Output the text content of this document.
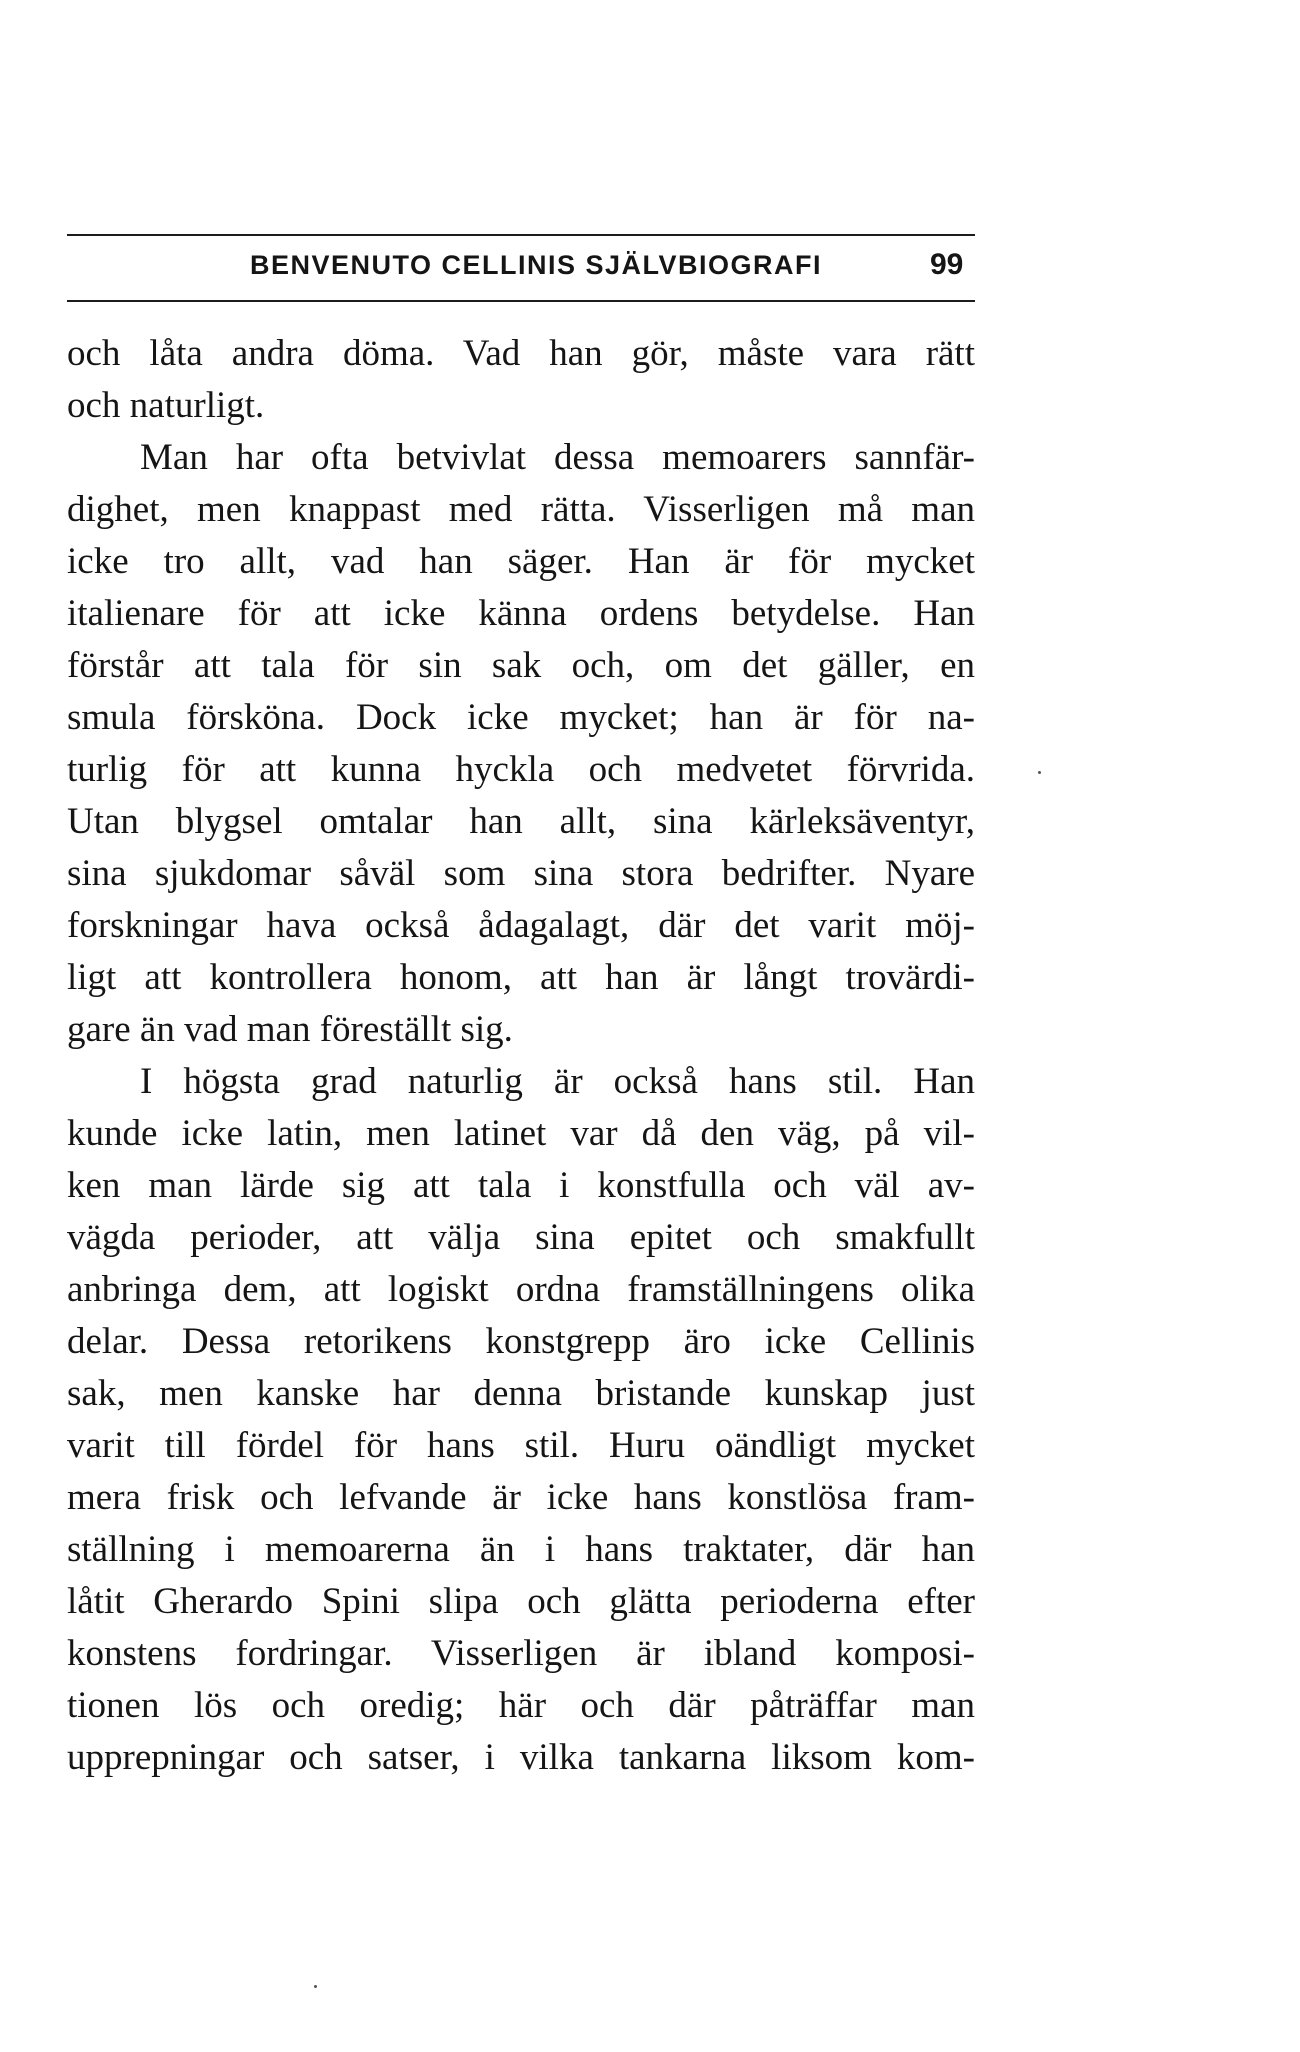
BENVENUTO CELLINIS SJÄLVBIOGRAFI	99
och låta andra döma. Vad han gör, måste vara rätt
och naturligt.
Man har ofta betvivlat dessa memoarers sannfär-
dighet, men knappast med rätta. Visserligen må man
icke tro allt, vad han säger. Han är för mycket
italienare för att icke känna ordens betydelse. Han
förstår att tala för sin sak och, om det gäller, en
smula försköna. Dock icke mycket; han är för na-
turlig för att kunna hyckla och medvetet förvrida.
Utan blygsel omtalar han allt, sina kärleksäventyr,
sina sjukdomar såväl som sina stora bedrifter. Nyare
forskningar hava också ådagalagt, där det varit möj-
ligt att kontrollera honom, att han är långt trovärdi-
gare än vad man föreställt sig.
I högsta grad naturlig är också hans stil. Han
kunde icke latin, men latinet var då den väg, på vil-
ken man lärde sig att tala i konstfulla och väl av-
vägda perioder, att välja sina epitet och smakfullt
anbringa dem, att logiskt ordna framställningens olika
delar. Dessa retorikens konstgrepp äro icke Cellinis
sak, men kanske har denna bristande kunskap just
varit till fördel för hans stil. Huru oändligt mycket
mera frisk och lefvande är icke hans konstlösa fram-
ställning i memoarerna än i hans traktater, där han
låtit Gherardo Spini slipa och glätta perioderna efter
konstens fordringar. Visserligen är ibland komposi-
tionen lös och oredig; här och där påträffar man
upprepningar och satser, i vilka tankarna liksom kom-
